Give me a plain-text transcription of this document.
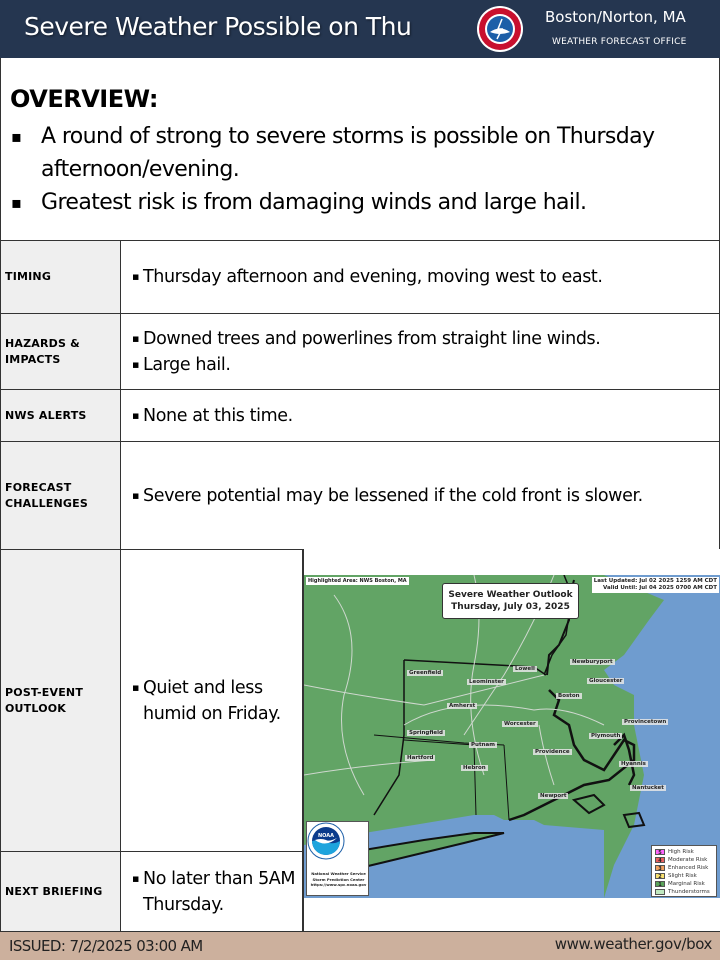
Severe Weather Possible on Thu	Boston/Norton, MA
WEATHER FORECAST OFFICE
OVERVIEW:
▪ A round of strong to severe storms is possible on Thursday afternoon/evening.
▪ Greatest risk is from damaging winds and large hail.
TIMING	▪ Thursday afternoon and evening, moving west to east.
HAZARDS & IMPACTS
▪ Downed trees and powerlines from straight line winds.
▪ Large hail.
NWS ALERTS	▪ None at this time.
FORECAST CHALLENGES
▪ Severe potential may be lessened if the cold front is slower.
POST-EVENT OUTLOOK
▪ Quiet and less humid on Friday.
NEXT BRIEFING
▪ No later than 5AM Thursday.
Highlighted Area: NWS Boston, MA	Last Updated: Jul 02 2025 1259 AM CDT
Valid Until: Jul 04 2025 0700 AM CDT
Severe Weather Outlook
Thursday, July 03, 2025
Newburyport
Lowell
Greenfield
Leominster	Gloucester
Amherst
Boston
Worcester
Springfield
Putnam
Plymouth
Provincetown
Hartford
Providence
Hebron
Hyannis
Newport
Nantucket
NOAA
National Weather Service
Storm Prediction Center
https://www.spc.noaa.gov
5	High Risk
4	Moderate Risk
3	Enhanced Risk
2	Slight Risk
1	Marginal Risk
Thunderstorms
ISSUED: 7/2/2025 03:00 AM	www.weather.gov/box
